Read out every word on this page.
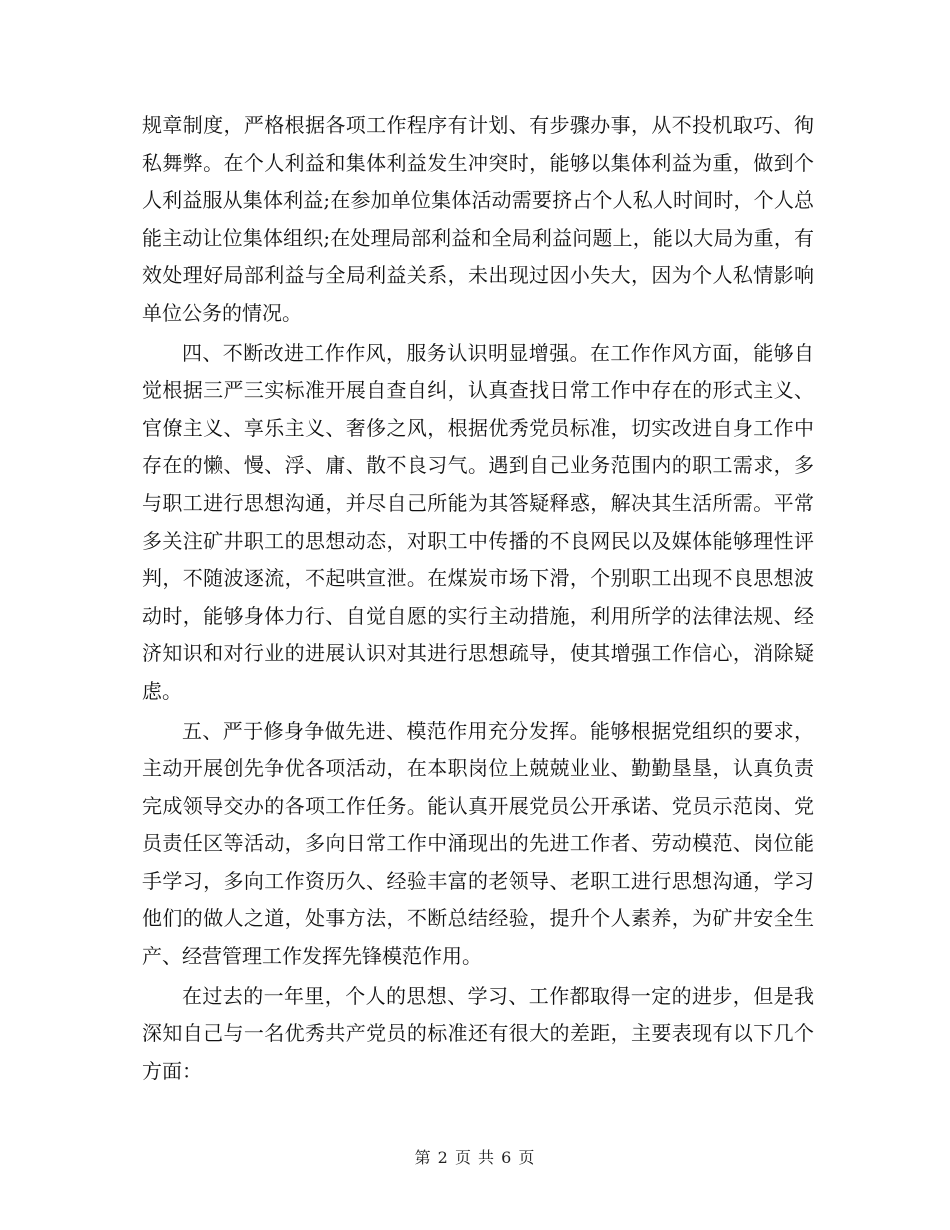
规章制度，严格根据各项工作程序有计划、有步骤办事，从不投机取巧、徇私舞弊。在个人利益和集体利益发生冲突时，能够以集体利益为重，做到个人利益服从集体利益;在参加单位集体活动需要挤占个人私人时间时，个人总能主动让位集体组织;在处理局部利益和全局利益问题上，能以大局为重，有效处理好局部利益与全局利益关系，未出现过因小失大，因为个人私情影响单位公务的情况。

四、不断改进工作作风，服务认识明显增强。在工作作风方面，能够自觉根据三严三实标准开展自查自纠，认真查找日常工作中存在的形式主义、官僚主义、享乐主义、奢侈之风，根据优秀党员标准，切实改进自身工作中存在的懒、慢、浮、庸、散不良习气。遇到自己业务范围内的职工需求，多与职工进行思想沟通，并尽自己所能为其答疑释惑，解决其生活所需。平常多关注矿井职工的思想动态，对职工中传播的不良网民以及媒体能够理性评判，不随波逐流，不起哄宣泄。在煤炭市场下滑，个别职工出现不良思想波动时，能够身体力行、自觉自愿的实行主动措施，利用所学的法律法规、经济知识和对行业的进展认识对其进行思想疏导，使其增强工作信心，消除疑虑。

五、严于修身争做先进、模范作用充分发挥。能够根据党组织的要求，主动开展创先争优各项活动，在本职岗位上兢兢业业、勤勤垦垦，认真负责完成领导交办的各项工作任务。能认真开展党员公开承诺、党员示范岗、党员责任区等活动，多向日常工作中涌现出的先进工作者、劳动模范、岗位能手学习，多向工作资历久、经验丰富的老领导、老职工进行思想沟通，学习他们的做人之道，处事方法，不断总结经验，提升个人素养，为矿井安全生产、经营管理工作发挥先锋模范作用。

在过去的一年里，个人的思想、学习、工作都取得一定的进步，但是我深知自己与一名优秀共产党员的标准还有很大的差距，主要表现有以下几个方面：

第 2 页 共 6 页
